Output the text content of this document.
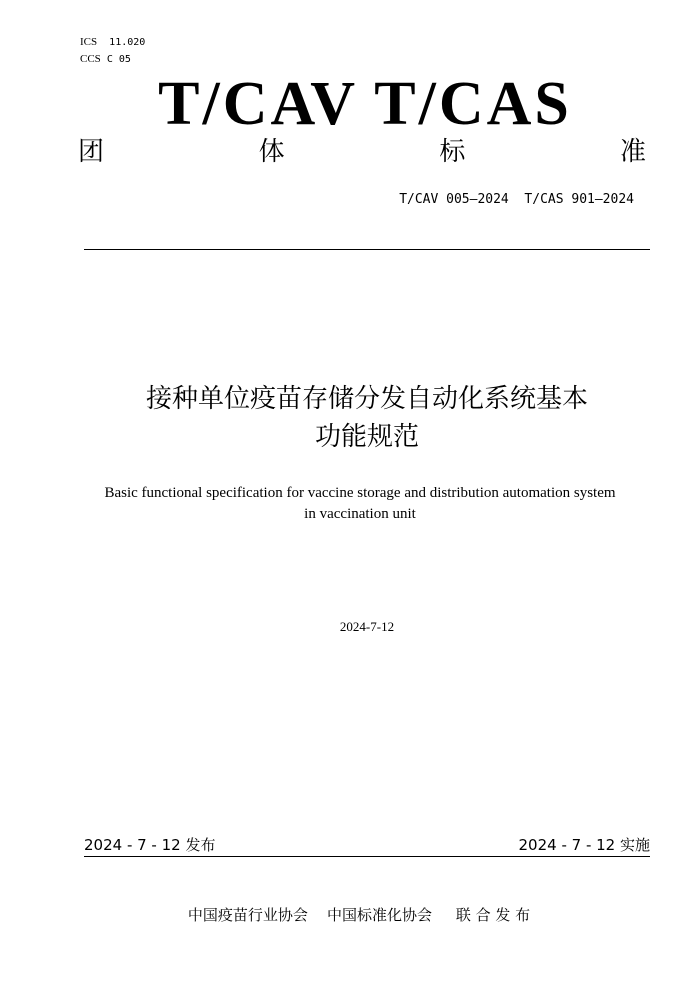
ICS 11.020
CCS C 05
T/CAV T/CAS
团	体	标	准
T/CAV 005—2024  T/CAS 901—2024
接种单位疫苗存储分发自动化系统基本
功能规范
Basic functional specification for vaccine storage and distribution automation system
in vaccination unit
2024-7-12
2024 - 7 - 12 发布	2024 - 7 - 12 实施
中国疫苗行业协会 中国标准化协会 联 合 发 布
